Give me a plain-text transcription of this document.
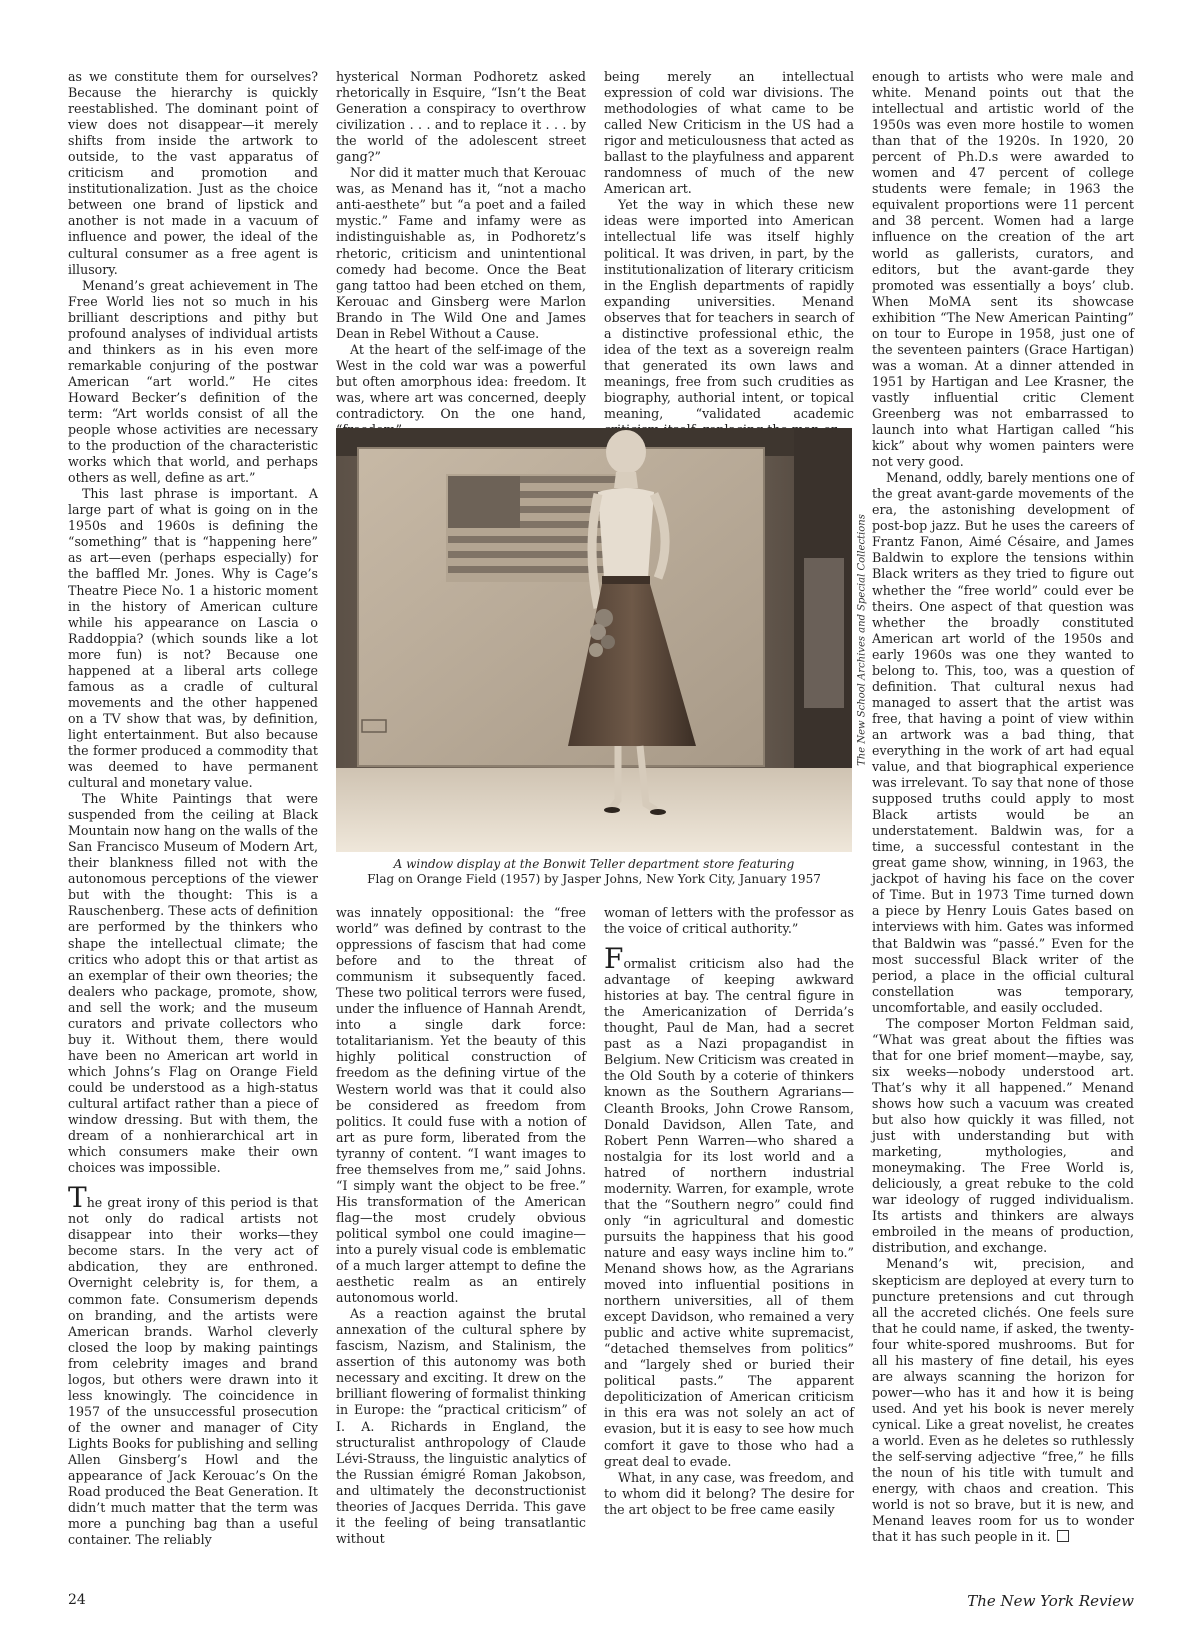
as we constitute them for ourselves? Because the hierarchy is quickly reestablished. The dominant point of view does not disappear—it merely shifts from inside the artwork to outside, to the vast apparatus of criticism and promotion and institutionalization. Just as the choice between one brand of lipstick and another is not made in a vacuum of influence and power, the ideal of the cultural consumer as a free agent is illusory.

Menand’s great achievement in The Free World lies not so much in his brilliant descriptions and pithy but profound analyses of individual artists and thinkers as in his even more remarkable conjuring of the postwar American “art world.” He cites Howard Becker’s definition of the term: “Art worlds consist of all the people whose activities are necessary to the production of the characteristic works which that world, and perhaps others as well, define as art.”

This last phrase is important. A large part of what is going on in the 1950s and 1960s is defining the “something” that is “happening here” as art—even (perhaps especially) for the baffled Mr. Jones. Why is Cage’s Theatre Piece No. 1 a historic moment in the history of American culture while his appearance on Lascia o Raddoppia? (which sounds like a lot more fun) is not? Because one happened at a liberal arts college famous as a cradle of cultural movements and the other happened on a TV show that was, by definition, light entertainment. But also because the former produced a commodity that was deemed to have permanent cultural and monetary value.

The White Paintings that were suspended from the ceiling at Black Mountain now hang on the walls of the San Francisco Museum of Modern Art, their blankness filled not with the autonomous perceptions of the viewer but with the thought: This is a Rauschenberg. These acts of definition are performed by the thinkers who shape the intellectual climate; the critics who adopt this or that artist as an exemplar of their own theories; the dealers who package, promote, show, and sell the work; and the museum curators and private collectors who buy it. Without them, there would have been no American art world in which Johns’s Flag on Orange Field could be understood as a high-status cultural artifact rather than a piece of window dressing. But with them, the dream of a nonhierarchical art in which consumers make their own choices was impossible.

The great irony of this period is that not only do radical artists not disappear into their works—they become stars. In the very act of abdication, they are enthroned. Overnight celebrity is, for them, a common fate. Consumerism depends on branding, and the artists were American brands. Warhol cleverly closed the loop by making paintings from celebrity images and brand logos, but others were drawn into it less knowingly. The coincidence in 1957 of the unsuccessful prosecution of the owner and manager of City Lights Books for publishing and selling Allen Ginsberg’s Howl and the appearance of Jack Kerouac’s On the Road produced the Beat Generation. It didn’t much matter that the term was more a punching bag than a useful container. The reliably

hysterical Norman Podhoretz asked rhetorically in Esquire, “Isn’t the Beat Generation a conspiracy to overthrow civilization . . . and to replace it . . . by the world of the adolescent street gang?”

Nor did it matter much that Kerouac was, as Menand has it, “not a macho anti-aesthete” but “a poet and a failed mystic.” Fame and infamy were as indistinguishable as, in Podhoretz’s rhetoric, criticism and unintentional comedy had become. Once the Beat gang tattoo had been etched on them, Kerouac and Ginsberg were Marlon Brando in The Wild One and James Dean in Rebel Without a Cause.

At the heart of the self-image of the West in the cold war was a powerful but often amorphous idea: freedom. It was, where art was concerned, deeply contradictory. On the one hand,

being merely an intellectual expression of cold war divisions. The methodologies of what came to be called New Criticism in the US had a rigor and meticulousness that acted as ballast to the playfulness and apparent randomness of much of the new American art.

Yet the way in which these new ideas were imported into American intellectual life was itself highly political. It was driven, in part, by the institutionalization of literary criticism in the English departments of rapidly expanding universities. Menand observes that for teachers in search of a distinctive professional ethic, the idea of the text as a sovereign realm that generated its own laws and meanings, free from such crudities as biography, authorial intent, or topical meaning, “validated academic

The New School Archives and Special Collections
A window display at the Bonwit Teller department store featuring
Flag on Orange Field (1957) by Jasper Johns, New York City, January 1957

was innately oppositional: the “free world” was defined by contrast to the oppressions of fascism that had come before and to the threat of communism it subsequently faced. These two political terrors were fused, under the influence of Hannah Arendt, into a single dark force: totalitarianism. Yet the beauty of this highly political construction of freedom as the defining virtue of the Western world was that it could also be considered as freedom from politics. It could fuse with a notion of art as pure form, liberated from the tyranny of content. “I want images to free themselves from me,” said Johns. “I simply want the object to be free.” His transformation of the American flag—the most crudely obvious political symbol one could imagine—into a purely visual code is emblematic of a much larger attempt to define the aesthetic realm as an entirely autonomous world.

As a reaction against the brutal annexation of the cultural sphere by fascism, Nazism, and Stalinism, the assertion of this autonomy was both necessary and exciting. It drew on the brilliant flowering of formalist thinking in Europe: the “practical criticism” of I. A. Richards in England, the structuralist anthropology of Claude Lévi-Strauss, the linguistic analytics of the Russian émigré Roman Jakobson, and ultimately the deconstructionist theories of Jacques Derrida. This gave it the feeling of being transatlantic without

woman of letters with the professor as the voice of critical authority.”

Formalist criticism also had the advantage of keeping awkward histories at bay. The central figure in the Americanization of Derrida’s thought, Paul de Man, had a secret past as a Nazi propagandist in Belgium. New Criticism was created in the Old South by a coterie of thinkers known as the Southern Agrarians—Cleanth Brooks, John Crowe Ransom, Donald Davidson, Allen Tate, and Robert Penn Warren—who shared a nostalgia for its lost world and a hatred of northern industrial modernity. Warren, for example, wrote that the “Southern negro” could find only “in agricultural and domestic pursuits the happiness that his good nature and easy ways incline him to.” Menand shows how, as the Agrarians moved into influential positions in northern universities, all of them except Davidson, who remained a very public and active white supremacist, “detached themselves from politics” and “largely shed or buried their political pasts.” The apparent depoliticization of American criticism in this era was not solely an act of evasion, but it is easy to see how much comfort it gave to those who had a great deal to evade.

What, in any case, was freedom, and to whom did it belong? The desire for the art object to be free came easily

enough to artists who were male and white. Menand points out that the intellectual and artistic world of the 1950s was even more hostile to women than that of the 1920s. In 1920, 20 percent of Ph.D.s were awarded to women and 47 percent of college students were female; in 1963 the equivalent proportions were 11 percent and 38 percent. Women had a large influence on the creation of the art world as gallerists, curators, and editors, but the avant-garde they promoted was essentially a boys’ club. When MoMA sent its showcase exhibition “The New American Painting” on tour to Europe in 1958, just one of the seventeen painters (Grace Hartigan) was a woman. At a dinner attended in 1951 by Hartigan and Lee Krasner, the vastly influential critic Clement Greenberg was not embarrassed to launch into what Hartigan called “his kick” about why women painters were not very good.

Menand, oddly, barely mentions one of the great avant-garde movements of the era, the astonishing development of post-bop jazz. But he uses the careers of Frantz Fanon, Aimé Césaire, and James Baldwin to explore the tensions within Black writers as they tried to figure out whether the “free world” could ever be theirs. One aspect of that question was whether the broadly constituted American art world of the 1950s and early 1960s was one they wanted to belong to. This, too, was a question of definition. That cultural nexus had managed to assert that the artist was free, that having a point of view within an artwork was a bad thing, that everything in the work of art had equal value, and that biographical experience was irrelevant. To say that none of those supposed truths could apply to most Black artists would be an understatement. Baldwin was, for a time, a successful contestant in the great game show, winning, in 1963, the jackpot of having his face on the cover of Time. But in 1973 Time turned down a piece by Henry Louis Gates based on interviews with him. Gates was informed that Baldwin was “passé.” Even for the most successful Black writer of the period, a place in the official cultural constellation was temporary, uncomfortable, and easily occluded.

The composer Morton Feldman said, “What was great about the fifties was that for one brief moment—maybe, say, six weeks—nobody understood art. That’s why it all happened.” Menand shows how such a vacuum was created but also how quickly it was filled, not just with understanding but with marketing, mythologies, and moneymaking. The Free World is, deliciously, a great rebuke to the cold war ideology of rugged individualism. Its artists and thinkers are always embroiled in the means of production, distribution, and exchange.

Menand’s wit, precision, and skepticism are deployed at every turn to puncture pretensions and cut through all the accreted clichés. One feels sure that he could name, if asked, the twenty-four white-spored mushrooms. But for all his mastery of fine detail, his eyes are always scanning the horizon for power—who has it and how it is being used. And yet his book is never merely cynical. Like a great novelist, he creates a world. Even as he deletes so ruthlessly the self-serving adjective “free,” he fills the noun of his title with tumult and energy, with chaos and creation. This world is not so brave, but it is new, and Menand leaves room for us to wonder that it has such people in it.

24	The New York Review
